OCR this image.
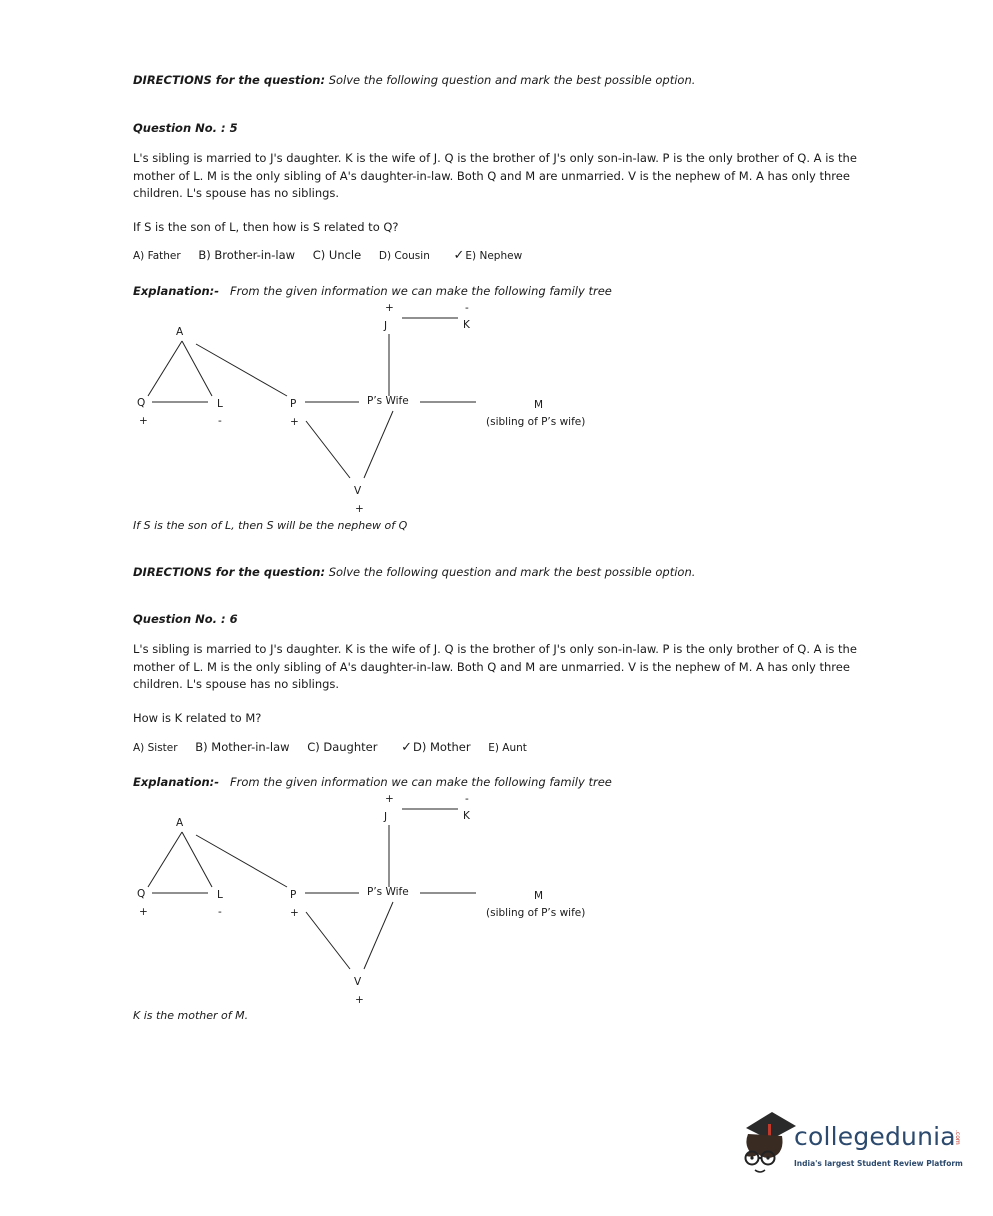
DIRECTIONS for the question: Solve the following question and mark the best possible option.
Question No. : 5
L's sibling is married to J's daughter. K is the wife of J. Q is the brother of J's only son-in-law. P is the only brother of Q. A is the
mother of L. M is the only sibling of A's daughter-in-law. Both Q and M are unmarried. V is the nephew of M. A has only three
children. L's spouse has no siblings.
If S is the son of L, then how is S related to Q?
A) Father B) Brother-in-law C) Uncle D) Cousin ✓E) Nephew
Explanation:- From the given information we can make the following family tree
+
J
-
K
A
Q	L
+	-
P
+
P’s Wife	M
(sibling of P’s wife)
V
+
If S is the son of L, then S will be the nephew of Q
DIRECTIONS for the question: Solve the following question and mark the best possible option.
Question No. : 6
L's sibling is married to J's daughter. K is the wife of J. Q is the brother of J's only son-in-law. P is the only brother of Q. A is the
mother of L. M is the only sibling of A's daughter-in-law. Both Q and M are unmarried. V is the nephew of M. A has only three
children. L's spouse has no siblings.
How is K related to M?
A) Sister B) Mother-in-law C) Daughter ✓D) Mother E) Aunt
Explanation:- From the given information we can make the following family tree
+
J
-
K
A
Q	L
+	-
P
+
P’s Wife	M
(sibling of P’s wife)
V
+
K is the mother of M.
collegedunia
.com
India's largest Student Review Platform
